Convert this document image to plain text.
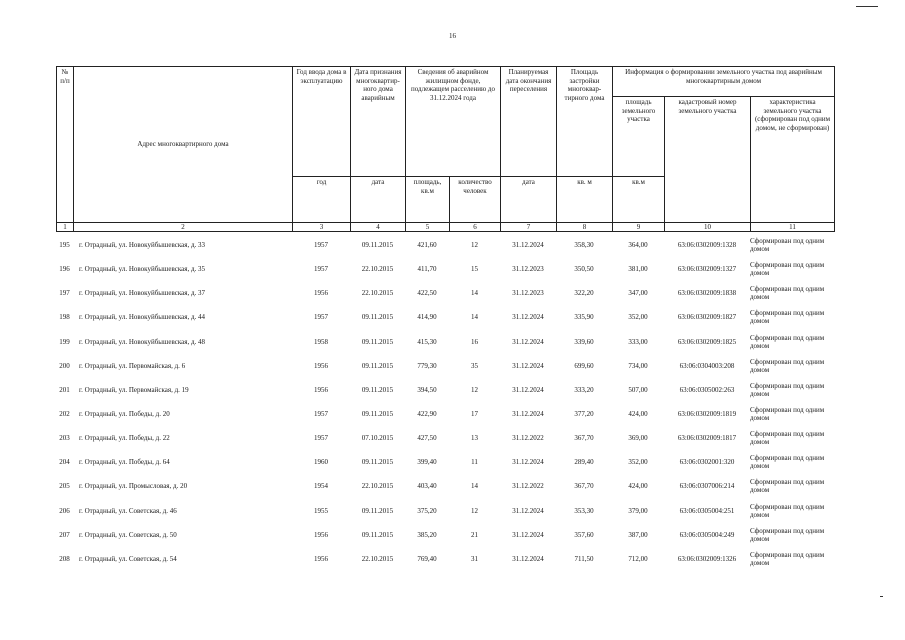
16
№ п/п	Адрес многоквартирного дома	Год ввода дома в эксплуатацию	Дата признания многоквартир-ного дома аварийным	Сведения об аварийном жилищном фонде, подлежащем расселению до 31.12.2024 года		Планируемая дата окончания переселения	Площадь застройки многоквар-тирного дома	Информация о формировании земельного участка под аварийным многоквартирным домом		
								площадь земельного участка	кадастровый номер земельного участка	характеристика земельного участка (сформирован под одним домом, не сформирован)
		год	дата	площадь, кв.м	количество человек	дата	кв. м	кв.м		
1	2	3	4	5	6	7	8	9	10	11
195	г. Отрадный, ул. Новокуйбышевская, д. 33	1957	09.11.2015	421,60	12	31.12.2024	358,30	364,00	63:06:0302009:1328	Сформирован под одним домом
196	г. Отрадный, ул. Новокуйбышевская, д. 35	1957	22.10.2015	411,70	15	31.12.2023	350,50	381,00	63:06:0302009:1327	Сформирован под одним домом
197	г. Отрадный, ул. Новокуйбышевская, д. 37	1956	22.10.2015	422,50	14	31.12.2023	322,20	347,00	63:06:0302009:1838	Сформирован под одним домом
198	г. Отрадный, ул. Новокуйбышевская, д. 44	1957	09.11.2015	414,90	14	31.12.2024	335,90	352,00	63:06:0302009:1827	Сформирован под одним домом
199	г. Отрадный, ул. Новокуйбышевская, д. 48	1958	09.11.2015	415,30	16	31.12.2024	339,60	333,00	63:06:0302009:1825	Сформирован под одним домом
200	г. Отрадный, ул. Первомайская, д. 6	1956	09.11.2015	779,30	35	31.12.2024	699,60	734,00	63:06:0304003:208	Сформирован под одним домом
201	г. Отрадный, ул. Первомайская, д. 19	1956	09.11.2015	394,50	12	31.12.2024	333,20	507,00	63:06:0305002:263	Сформирован под одним домом
202	г. Отрадный, ул. Победы, д. 20	1957	09.11.2015	422,90	17	31.12.2024	377,20	424,00	63:06:0302009:1819	Сформирован под одним домом
203	г. Отрадный, ул. Победы, д. 22	1957	07.10.2015	427,50	13	31.12.2022	367,70	369,00	63:06:0302009:1817	Сформирован под одним домом
204	г. Отрадный, ул. Победы, д. 64	1960	09.11.2015	399,40	11	31.12.2024	289,40	352,00	63:06:0302001:320	Сформирован под одним домом
205	г. Отрадный, ул. Промысловая, д. 20	1954	22.10.2015	403,40	14	31.12.2022	367,70	424,00	63:06:0307006:214	Сформирован под одним домом
206	г. Отрадный, ул. Советская, д. 46	1955	09.11.2015	375,20	12	31.12.2024	353,30	379,00	63:06:0305004:251	Сформирован под одним домом
207	г. Отрадный, ул. Советская, д. 50	1956	09.11.2015	385,20	21	31.12.2024	357,60	387,00	63:06:0305004:249	Сформирован под одним домом
208	г. Отрадный, ул. Советская, д. 54	1956	22.10.2015	769,40	31	31.12.2024	711,50	712,00	63:06:0302009:1326	Сформирован под одним домом
